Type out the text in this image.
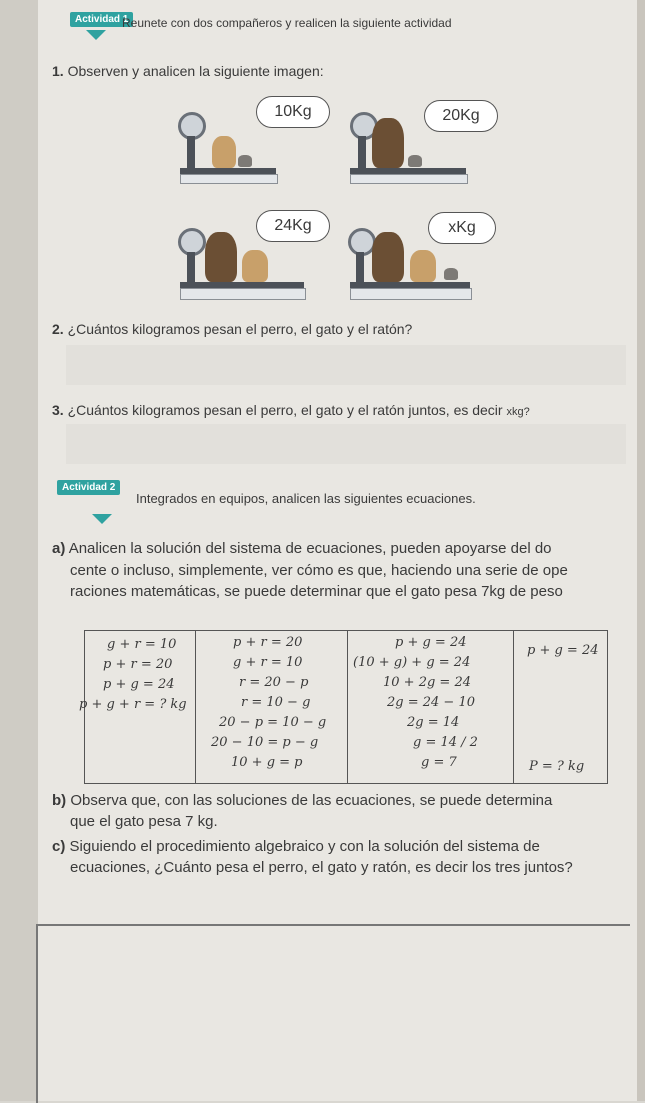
Actividad 1
Reunete con dos compañeros y realicen la siguiente actividad
1. Observen y analicen la siguiente imagen:
10Kg	20Kg
24Kg	xKg
2. ¿Cuántos kilogramos pesan el perro, el gato y el ratón?
3. ¿Cuántos kilogramos pesan el perro, el gato y el ratón juntos, es decir xkg?
Actividad 2
Integrados en equipos, analicen las siguientes ecuaciones.
a) Analicen la solución del sistema de ecuaciones, pueden apoyarse del do
cente o incluso, simplemente, ver cómo es que, haciendo una serie de ope
raciones matemáticas, se puede determinar que el gato pesa 7kg de peso
g + r = 10
p + r = 20
p + g = 24
p + g + r = ? kg
p + r = 20
g + r = 10
r = 20 − p
r = 10 − g
20 − p = 10 − g
20 − 10 = p − g
10 + g = p
p + g = 24
(10 + g) + g = 24
10 + 2g = 24
2g = 24 − 10
2g = 14
g = 14 / 2
g = 7
p + g = 24
P = ? kg
b) Observa que, con las soluciones de las ecuaciones, se puede determina
que el gato pesa 7 kg.
c) Siguiendo el procedimiento algebraico y con la solución del sistema de
ecuaciones, ¿Cuánto pesa el perro, el gato y ratón, es decir los tres juntos?
